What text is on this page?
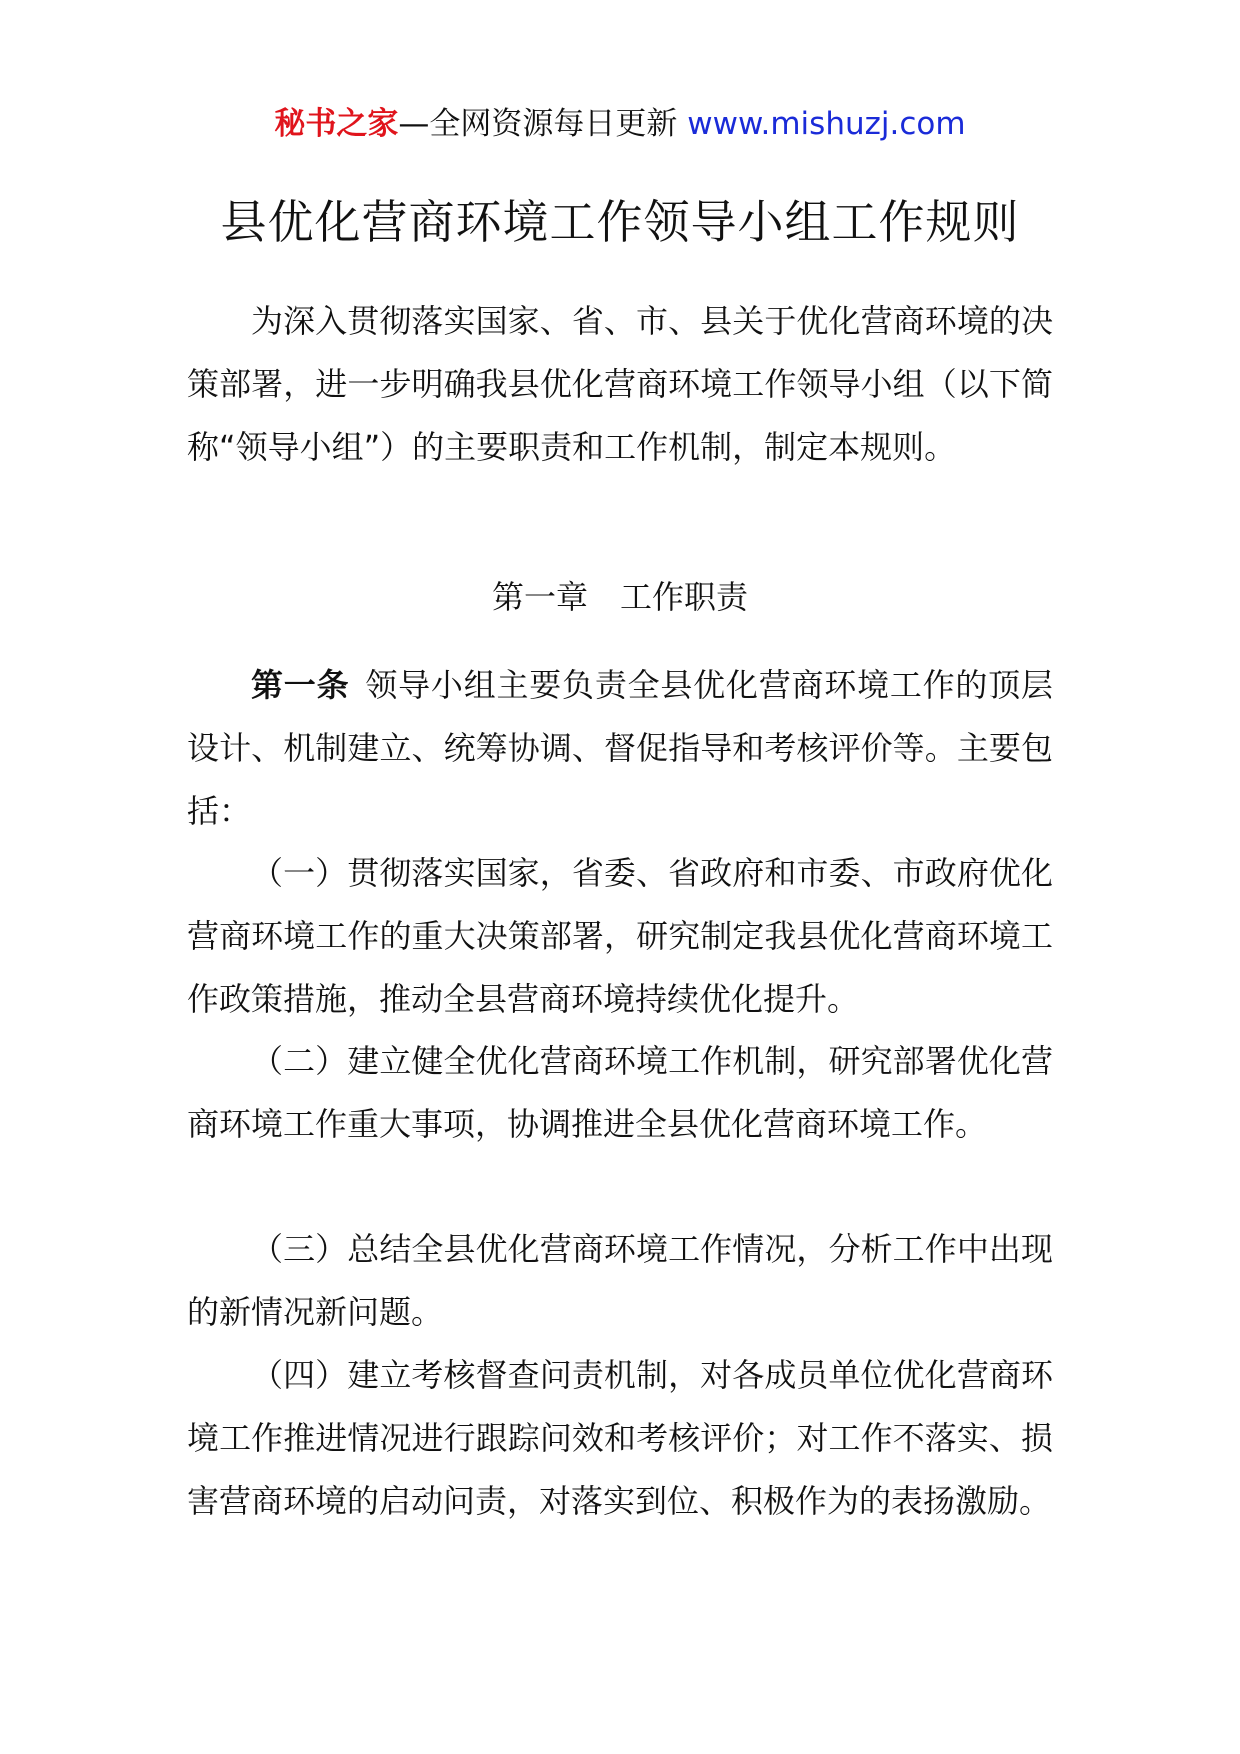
秘书之家—全网资源每日更新 www.mishuzj.com
县优化营商环境工作领导小组工作规则

为深入贯彻落实国家、省、市、县关于优化营商环境的决策部署，进一步明确我县优化营商环境工作领导小组（以下简称“领导小组”）的主要职责和工作机制，制定本规则。

第一章　工作职责

第一条 领导小组主要负责全县优化营商环境工作的顶层设计、机制建立、统筹协调、督促指导和考核评价等。主要包括：

（一）贯彻落实国家，省委、省政府和市委、市政府优化营商环境工作的重大决策部署，研究制定我县优化营商环境工作政策措施，推动全县营商环境持续优化提升。

（二）建立健全优化营商环境工作机制，研究部署优化营商环境工作重大事项，协调推进全县优化营商环境工作。

（三）总结全县优化营商环境工作情况，分析工作中出现的新情况新问题。

（四）建立考核督查问责机制，对各成员单位优化营商环境工作推进情况进行跟踪问效和考核评价；对工作不落实、损害营商环境的启动问责，对落实到位、积极作为的表扬激励。
